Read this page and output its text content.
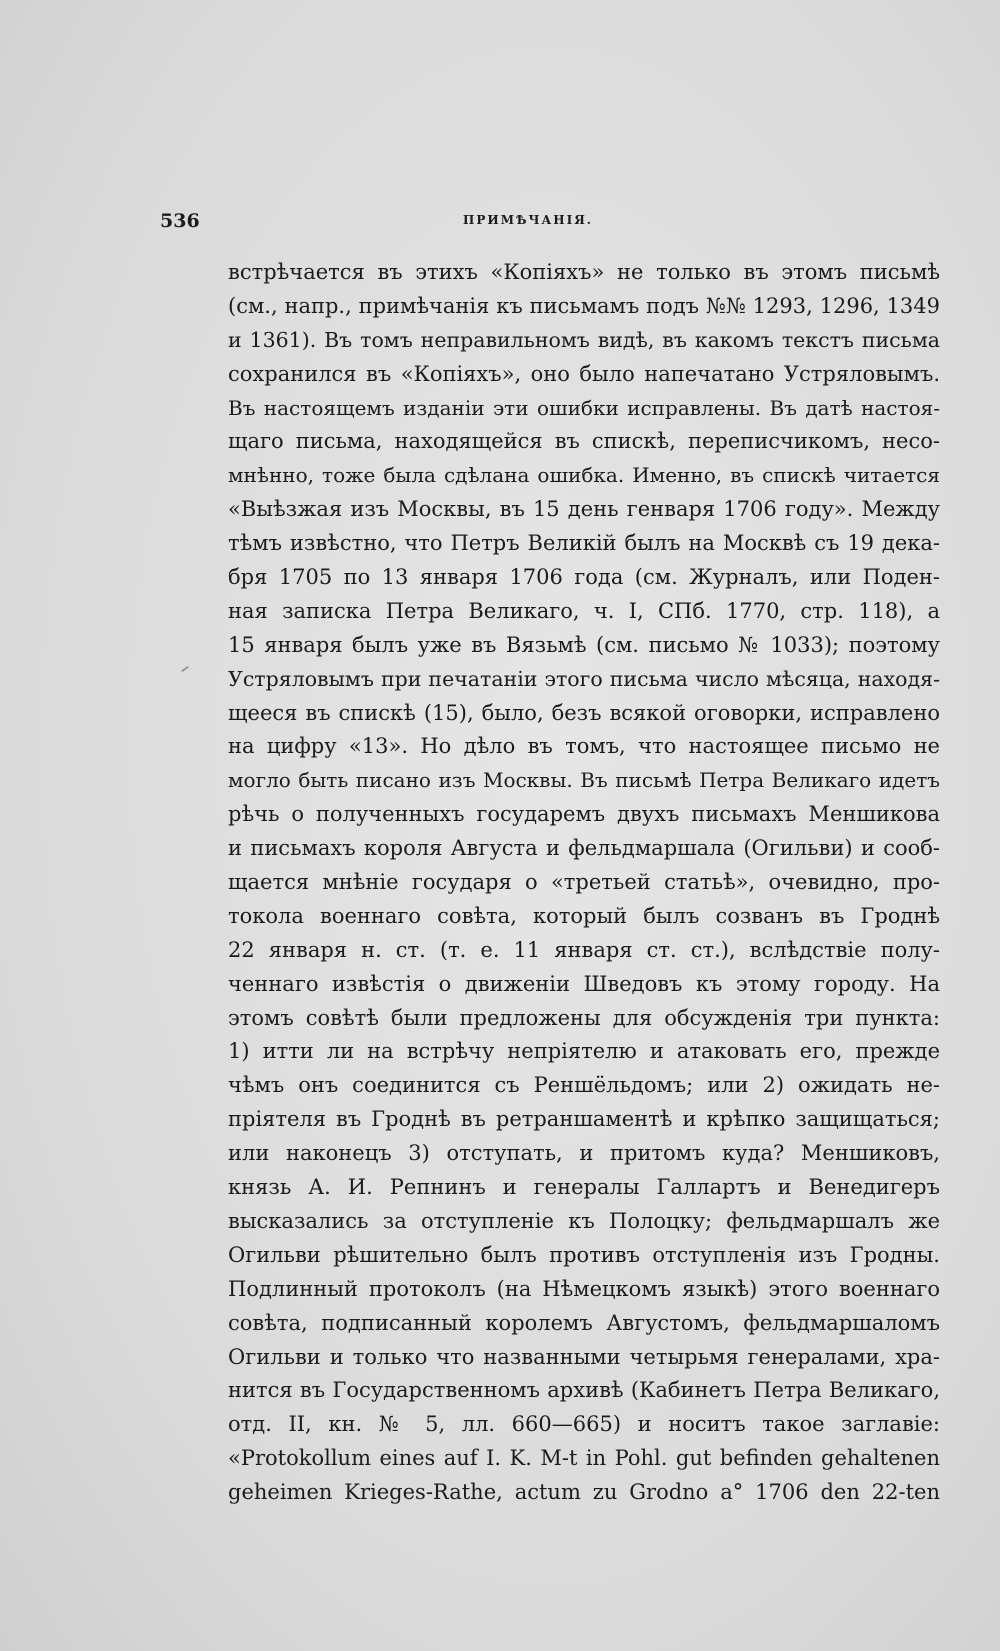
536	ПРИМѢЧАНІЯ.
встрѣчается въ этихъ «Копіяхъ» не только въ этомъ письмѣ
(см., напр., примѣчанія къ письмамъ подъ №№ 1293, 1296, 1349
и 1361). Въ томъ неправильномъ видѣ, въ какомъ текстъ письма
сохранился въ «Копіяхъ», оно было напечатано Устряловымъ.
Въ настоящемъ изданіи эти ошибки исправлены. Въ датѣ настоя-
щаго письма, находящейся въ спискѣ, переписчикомъ, несо-
мнѣнно, тоже была сдѣлана ошибка. Именно, въ спискѣ читается
«Выѣзжая изъ Москвы, въ 15 день генваря 1706 году». Между
тѣмъ извѣстно, что Петръ Великій былъ на Москвѣ съ 19 дека-
бря 1705 по 13 января 1706 года (см. Журналъ, или Поден-
ная записка Петра Великаго, ч. I, СПб. 1770, стр. 118), а
15 января былъ уже въ Вязьмѣ (см. письмо № 1033); поэтому
Устряловымъ при печатаніи этого письма число мѣсяца, находя-
щееся въ спискѣ (15), было, безъ всякой оговорки, исправлено
на цифру «13». Но дѣло въ томъ, что настоящее письмо не
могло быть писано изъ Москвы. Въ письмѣ Петра Великаго идетъ
рѣчь о полученныхъ государемъ двухъ письмахъ Меншикова
и письмахъ короля Августа и фельдмаршала (Огильви) и сооб-
щается мнѣніе государя о «третьей статьѣ», очевидно, про-
токола военнаго совѣта, который былъ созванъ въ Гроднѣ
22 января н. ст. (т. е. 11 января ст. ст.), вслѣдствіе полу-
ченнаго извѣстія о движеніи Шведовъ къ этому городу. На
этомъ совѣтѣ были предложены для обсужденія три пункта:
1) итти ли на встрѣчу непріятелю и атаковать его, прежде
чѣмъ онъ соединится съ Реншёльдомъ; или 2) ожидать не-
пріятеля въ Гроднѣ въ ретраншаментѣ и крѣпко защищаться;
или наконецъ 3) отступать, и притомъ куда? Меншиковъ,
князь А. И. Репнинъ и генералы Галлартъ и Венедигеръ
высказались за отступленіе къ Полоцку; фельдмаршалъ же
Огильви рѣшительно былъ противъ отступленія изъ Гродны.
Подлинный протоколъ (на Нѣмецкомъ языкѣ) этого военнаго
совѣта, подписанный королемъ Августомъ, фельдмаршаломъ
Огильви и только что названными четырьмя генералами, хра-
нится въ Государственномъ архивѣ (Кабинетъ Петра Великаго,
отд. II, кн. № 5, лл. 660—665) и носитъ такое заглавіе:
«Protokollum eines auf I. K. M-t in Pohl. gut befinden gehaltenen
geheimen Krieges-Rathe, actum zu Grodno a° 1706 den 22-ten
